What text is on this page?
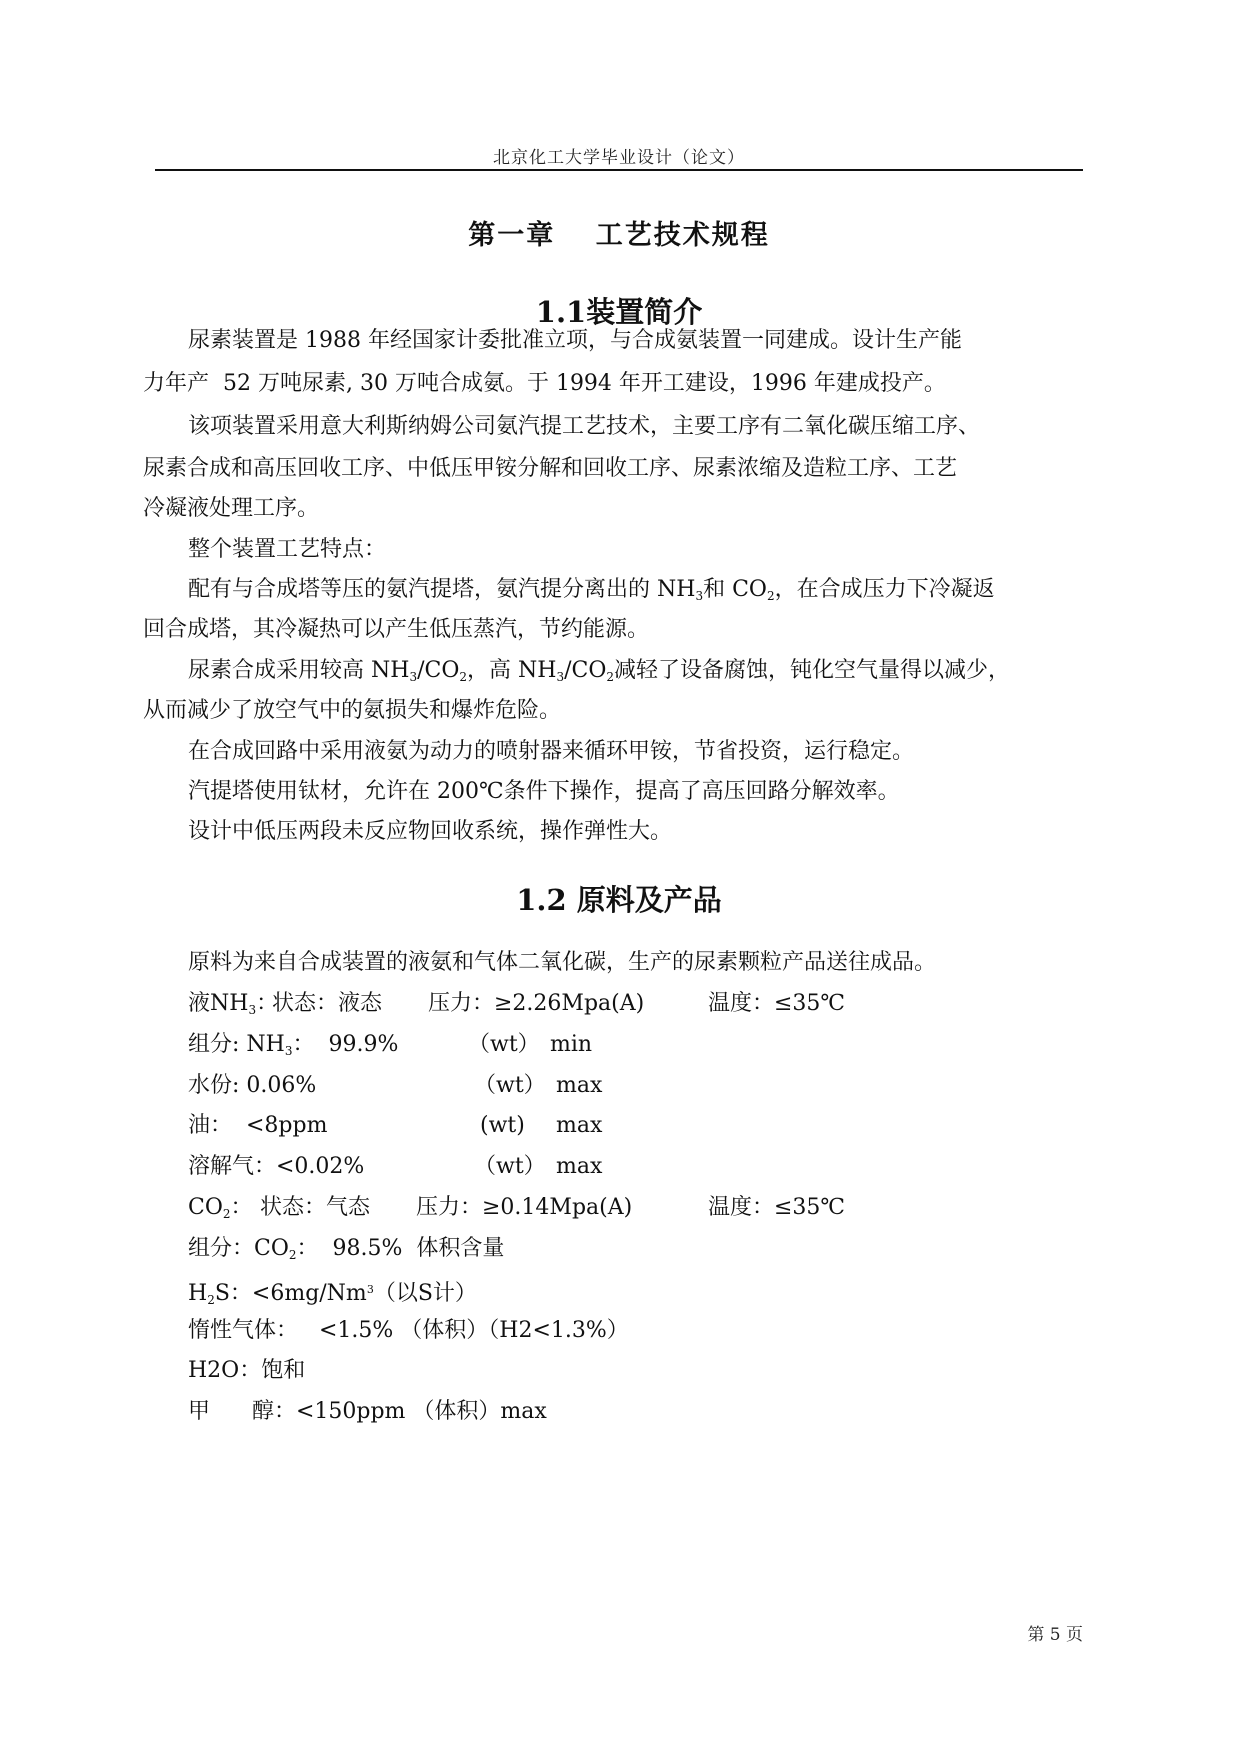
北京化工大学毕业设计（论文）
第一章　 工艺技术规程
1.1装置简介
尿素装置是 1988 年经国家计委批准立项，与合成氨装置一同建成。设计生产能
力年产  52 万吨尿素, 30 万吨合成氨。于 1994 年开工建设，1996 年建成投产。
该项装置采用意大利斯纳姆公司氨汽提工艺技术，主要工序有二氧化碳压缩工序、
尿素合成和高压回收工序、中低压甲铵分解和回收工序、尿素浓缩及造粒工序、工艺
冷凝液处理工序。
整个装置工艺特点：
配有与合成塔等压的氨汽提塔，氨汽提分离出的 $NH_3$和 $CO_2$，在合成压力下冷凝返
回合成塔，其冷凝热可以产生低压蒸汽，节约能源。
尿素合成采用较高 $NH_3/CO_2$，高 $NH_3/CO_2$减轻了设备腐蚀，钝化空气量得以减少，
从而减少了放空气中的氨损失和爆炸危险。
在合成回路中采用液氨为动力的喷射器来循环甲铵，节省投资，运行稳定。
汽提塔使用钛材，允许在 200℃条件下操作，提高了高压回路分解效率。
设计中低压两段未反应物回收系统，操作弹性大。
1.2 原料及产品
原料为来自合成装置的液氨和气体二氧化碳，生产的尿素颗粒产品送往成品。
液$NH_3$：
状态：液态 压力：≥2.26Mpa(A)	温度：≤35℃
组分: $NH_3$：  99.9%	（wt） min
水份: 0.06%	（wt） max
油：  <8ppm	(wt) max
溶解气：<0.02%	（wt） max
$CO_2$： 状态：气态 压力：≥0.14Mpa(A)	温度：≤35℃
组分：$CO_2$：  98.5%  体积含量
$H_2S$：$<6mg/Nm^3$（以S计）
惰性气体：   <1.5% （体积）（H2<1.3%）
H2O：饱和
甲      醇：<150ppm （体积）max
第 5 页
